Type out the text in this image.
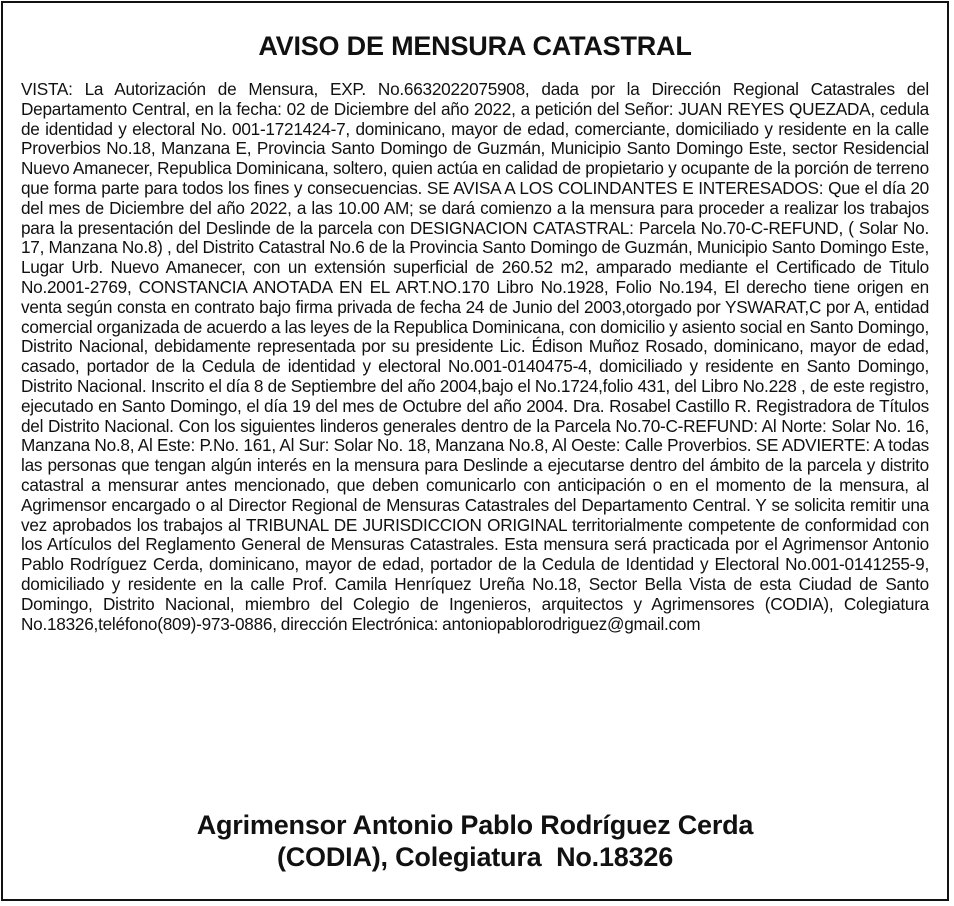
AVISO DE MENSURA CATASTRAL

VISTA: La Autorización de Mensura, EXP. No.6632022075908, dada por la Dirección Regional Catastrales del Departamento Central, en la fecha: 02 de Diciembre del año 2022, a petición del Señor: JUAN REYES QUEZADA, cedula de identidad y electoral No. 001-1721424-7, dominicano, mayor de edad, comerciante, domiciliado y residente en la calle Proverbios No.18, Manzana E, Provincia Santo Domingo de Guzmán, Municipio Santo Domingo Este, sector Residencial Nuevo Amanecer, Republica Dominicana, soltero, quien actúa en calidad de propietario y ocupante de la porción de terreno que forma parte para todos los fines y consecuencias. SE AVISA A LOS COLINDANTES E INTERESADOS: Que el día 20 del mes de Diciembre del año 2022, a las 10.00 AM; se dará comienzo a la mensura para proceder a realizar los trabajos para la presentación del Deslinde de la parcela con DESIGNACION CATASTRAL: Parcela No.70-C-REFUND, ( Solar No. 17, Manzana No.8) , del Distrito Catastral No.6 de la Provincia Santo Domingo de Guzmán, Municipio Santo Domingo Este, Lugar Urb. Nuevo Amanecer, con un extensión superficial de 260.52 m2, amparado mediante el Certificado de Titulo No.2001-2769, CONSTANCIA ANOTADA EN EL ART.NO.170 Libro No.1928, Folio No.194, El derecho tiene origen en venta según consta en contrato bajo firma privada de fecha 24 de Junio del 2003,otorgado por YSWARAT,C por A, entidad comercial organizada de acuerdo a las leyes de la Republica Dominicana, con domicilio y asiento social en Santo Domingo, Distrito Nacional, debidamente representada por su presidente Lic. Édison Muñoz Rosado, dominicano, mayor de edad, casado, portador de la Cedula de identidad y electoral No.001-0140475-4, domiciliado y residente en Santo Domingo, Distrito Nacional. Inscrito el día 8 de Septiembre del año 2004,bajo el No.1724,folio 431, del Libro No.228 , de este registro, ejecutado en Santo Domingo, el día 19 del mes de Octubre del año 2004. Dra. Rosabel Castillo R. Registradora de Títulos del Distrito Nacional. Con los siguientes linderos generales dentro de la Parcela No.70-C-REFUND: Al Norte: Solar No. 16, Manzana No.8, Al Este: P.No. 161, Al Sur: Solar No. 18, Manzana No.8, Al Oeste: Calle Proverbios. SE ADVIERTE: A todas las personas que tengan algún interés en la mensura para Deslinde a ejecutarse dentro del ámbito de la parcela y distrito catastral a mensurar antes mencionado, que deben comunicarlo con anticipación o en el momento de la mensura, al Agrimensor encargado o al Director Regional de Mensuras Catastrales del Departamento Central. Y se solicita remitir una vez aprobados los trabajos al TRIBUNAL DE JURISDICCION ORIGINAL territorialmente competente de conformidad con los Artículos del Reglamento General de Mensuras Catastrales. Esta mensura será practicada por el Agrimensor Antonio Pablo Rodríguez Cerda, dominicano, mayor de edad, portador de la Cedula de Identidad y Electoral No.001-0141255-9, domiciliado y residente en la calle Prof. Camila Henríquez Ureña No.18, Sector Bella Vista de esta Ciudad de Santo Domingo, Distrito Nacional, miembro del Colegio de Ingenieros, arquitectos y Agrimensores (CODIA), Colegiatura No.18326,teléfono(809)-973-0886, dirección Electrónica: antoniopablorodriguez@gmail.com

Agrimensor Antonio Pablo Rodríguez Cerda
(CODIA), Colegiatura  No.18326
